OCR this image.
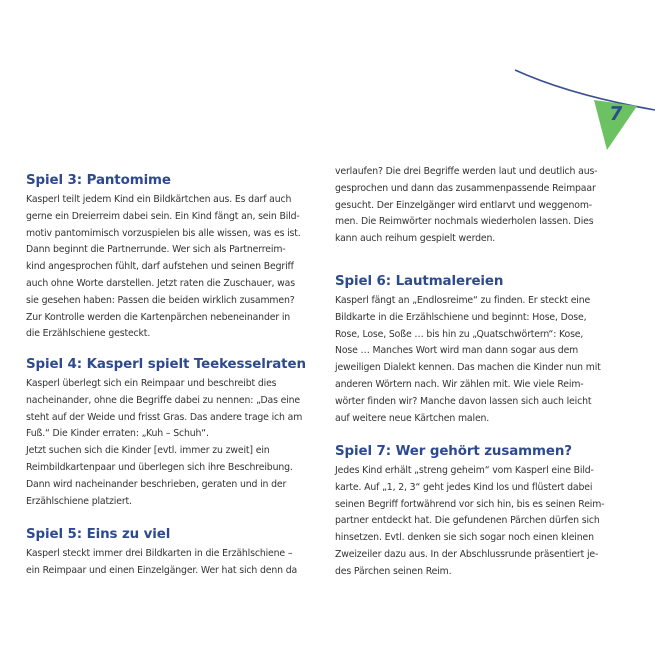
7
Spiel 3: Pantomime

Kasperl teilt jedem Kind ein Bildkärtchen aus. Es darf auch
gerne ein Dreierreim dabei sein. Ein Kind fängt an, sein Bild-
motiv pantomimisch vorzuspielen bis alle wissen, was es ist.
Dann beginnt die Partnerrunde. Wer sich als Partnerreim-
kind angesprochen fühlt, darf aufstehen und seinen Begriff
auch ohne Worte darstellen. Jetzt raten die Zuschauer, was
sie gesehen haben: Passen die beiden wirklich zusammen?
Zur Kontrolle werden die Kartenpärchen nebeneinander in
die Erzählschiene gesteckt.

Spiel 4: Kasperl spielt Teekesselraten

Kasperl überlegt sich ein Reimpaar und beschreibt dies
nacheinander, ohne die Begriffe dabei zu nennen: „Das eine
steht auf der Weide und frisst Gras. Das andere trage ich am
Fuß.“ Die Kinder erraten: „Kuh – Schuh“.
Jetzt suchen sich die Kinder [evtl. immer zu zweit] ein
Reimbildkartenpaar und überlegen sich ihre Beschreibung.
Dann wird nacheinander beschrieben, geraten und in der
Erzählschiene platziert.

Spiel 5: Eins zu viel

Kasperl steckt immer drei Bildkarten in die Erzählschiene –
ein Reimpaar und einen Einzelgänger. Wer hat sich denn da

verlaufen? Die drei Begriffe werden laut und deutlich aus-
gesprochen und dann das zusammenpassende Reimpaar
gesucht. Der Einzelgänger wird entlarvt und weggenom-
men. Die Reimwörter nochmals wiederholen lassen. Dies
kann auch reihum gespielt werden.

Spiel 6: Lautmalereien

Kasperl fängt an „Endlosreime“ zu finden. Er steckt eine
Bildkarte in die Erzählschiene und beginnt: Hose, Dose,
Rose, Lose, Soße … bis hin zu „Quatschwörtern“: Kose,
Nose … Manches Wort wird man dann sogar aus dem
jeweiligen Dialekt kennen. Das machen die Kinder nun mit
anderen Wörtern nach. Wir zählen mit. Wie viele Reim-
wörter finden wir? Manche davon lassen sich auch leicht
auf weitere neue Kärtchen malen.

Spiel 7: Wer gehört zusammen?

Jedes Kind erhält „streng geheim“ vom Kasperl eine Bild-
karte. Auf „1, 2, 3“ geht jedes Kind los und flüstert dabei
seinen Begriff fortwährend vor sich hin, bis es seinen Reim-
partner entdeckt hat. Die gefundenen Pärchen dürfen sich
hinsetzen. Evtl. denken sie sich sogar noch einen kleinen
Zweizeiler dazu aus. In der Abschlussrunde präsentiert je-
des Pärchen seinen Reim.
